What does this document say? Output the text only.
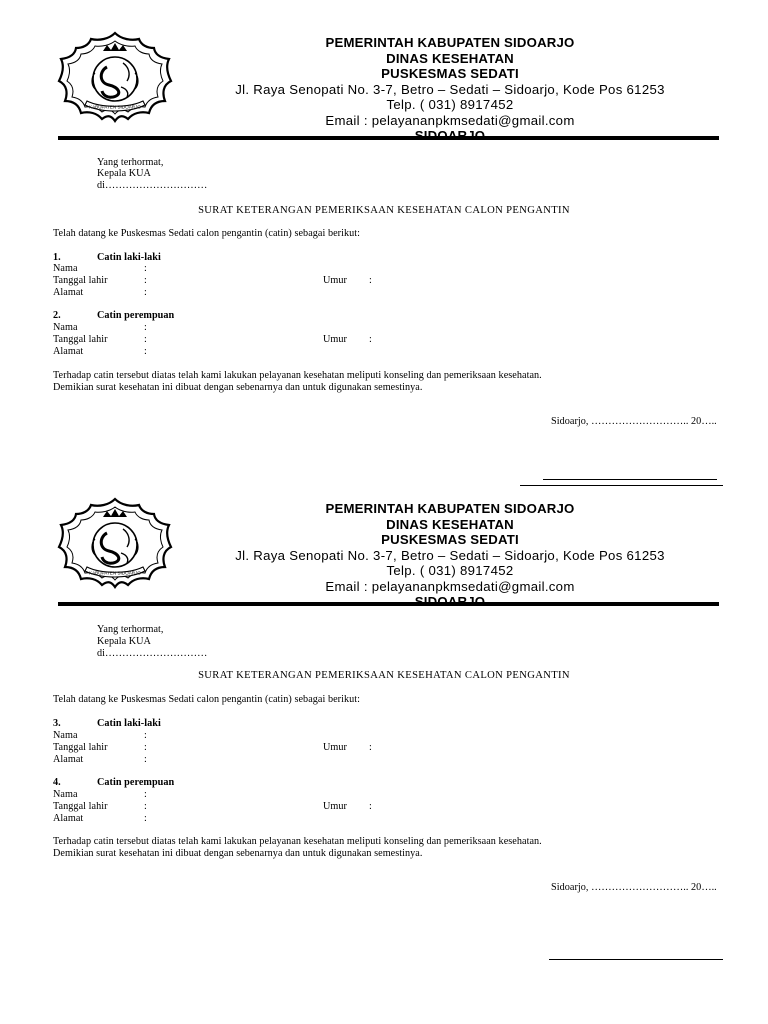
KABUPATEN SIDOARJO
PEMERINTAH KABUPATEN SIDOARJO
DINAS KESEHATAN
PUSKESMAS SEDATI
Jl. Raya Senopati No. 3-7, Betro – Sedati – Sidoarjo, Kode Pos 61253
Telp. ( 031) 8917452
Email : pelayananpkmsedati@gmail.com
Yang terhormat,
Kepala KUA
di…………………………
SURAT KETERANGAN PEMERIKSAAN KESEHATAN CALON PENGANTIN
Telah datang ke Puskesmas Sedati calon pengantin (catin) sebagai berikut:
1.	Catin laki-laki
Nama	:
Tanggal lahir	:	Umur :
Alamat	:
2.	Catin perempuan
Nama	:
Tanggal lahir	:	Umur :
Alamat	:
Terhadap catin tersebut diatas telah kami lakukan pelayanan kesehatan meliputi konseling dan pemeriksaan kesehatan.
Demikian surat kesehatan ini dibuat dengan sebenarnya dan untuk digunakan semestinya.
Sidoarjo, ……………………….. 20…..
KABUPATEN SIDOARJO
PEMERINTAH KABUPATEN SIDOARJO
DINAS KESEHATAN
PUSKESMAS SEDATI
Jl. Raya Senopati No. 3-7, Betro – Sedati – Sidoarjo, Kode Pos 61253
Telp. ( 031) 8917452
Email : pelayananpkmsedati@gmail.com
Yang terhormat,
Kepala KUA
di…………………………
SURAT KETERANGAN PEMERIKSAAN KESEHATAN CALON PENGANTIN
Telah datang ke Puskesmas Sedati calon pengantin (catin) sebagai berikut:
3.	Catin laki-laki
Nama	:
Tanggal lahir	:	Umur :
Alamat	:
4.	Catin perempuan
Nama	:
Tanggal lahir	:	Umur :
Alamat	:
Terhadap catin tersebut diatas telah kami lakukan pelayanan kesehatan meliputi konseling dan pemeriksaan kesehatan.
Demikian surat kesehatan ini dibuat dengan sebenarnya dan untuk digunakan semestinya.
Sidoarjo, ……………………….. 20…..
